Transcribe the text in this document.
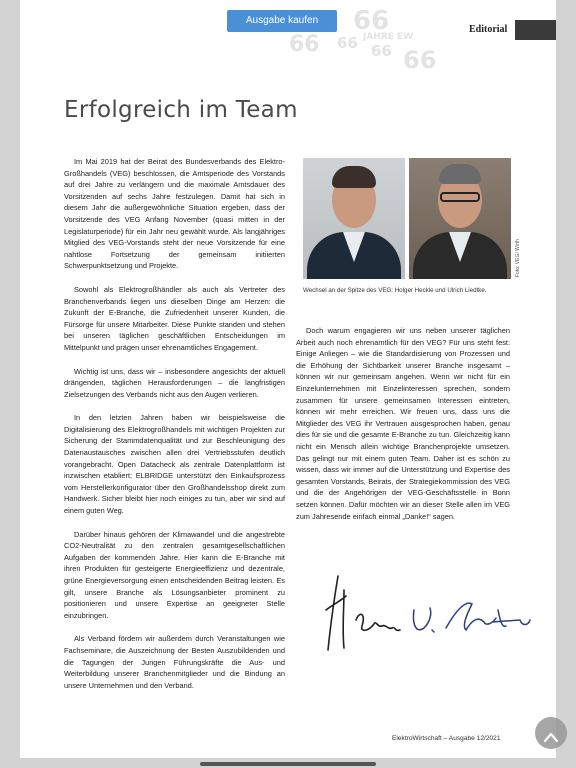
66
66 66 JAHRE EW
66 66
Editorial
Erfolgreich im Team

Im Mai 2019 hat der Beirat des Bundesverbands des Elektro-Großhandels (VEG) beschlossen, die Amtsperiode des Vorstands auf drei Jahre zu verlängern und die maximale Amtsdauer des Vorsitzenden auf sechs Jahre festzulegen. Damit hat sich in diesem Jahr die außergewöhnliche Situation ergeben, dass der Vorsitzende des VEG Anfang November (quasi mitten in der Legislaturperiode) für ein Jahr neu gewählt wurde. Als langjähriges Mitglied des VEG-Vorstands steht der neue Vorsitzende für eine nahtlose Fortsetzung der gemeinsam initiierten Schwerpunktsetzung und Projekte.

Sowohl als Elektrogroßhändler als auch als Vertreter des Branchenverbands liegen uns dieselben Dinge am Herzen: die Zukunft der E-Branche, die Zufriedenheit unserer Kunden, die Fürsorge für unsere Mitarbeiter. Diese Punkte standen und stehen bei unseren täglichen geschäftlichen Entscheidungen im Mittelpunkt und prägen unser ehrenamtliches Engagement.

Wichtig ist uns, dass wir – insbesondere angesichts der aktuell drängenden, täglichen Herausforderungen – die langfristigen Zielsetzungen des Verbands nicht aus den Augen verlieren.

In den letzten Jahren haben wir beispielsweise die Digitalisierung des Elektrogroßhandels mit wichtigen Projekten zur Sicherung der Stammdatenqualität und zur Beschleunigung des Datenaustausches zwischen allen drei Vertriebsstufen deutlich vorangebracht. Open Datacheck als zentrale Datenplattform ist inzwischen etabliert; ELBRIDGE unterstützt den Einkaufsprozess vom Herstellerkonfigurator über den Großhandelsshop direkt zum Handwerk. Sicher bleibt hier noch einiges zu tun, aber wir sind auf einem guten Weg.

Darüber hinaus gehören der Klimawandel und die angestrebte CO2-Neutralität zu den zentralen gesamtgesellschaftlichen Aufgaben der kommenden Jahre. Hier kann die E-Branche mit ihren Produkten für gesteigerte Energieeffizienz und dezentrale, grüne Energieversorgung einen entscheidenden Beitrag leisten. Es gilt, unsere Branche als Lösungsanbieter prominent zu positionieren und unsere Expertise an geeigneter Stelle einzubringen.

Als Verband fördern wir außerdem durch Veranstaltungen wie Fachseminare, die Auszeichnung der Besten Auszubildenden und die Tagungen der Jungen Führungskräfte die Aus- und Weiterbildung unserer Branchenmitglieder und die Bindung an unsere Unternehmen und den Verband.

Foto: VEG/ Wirth
Wechsel an der Spitze des VEG: Holger Heckle und Ulrich Liedtke.

Doch warum engagieren wir uns neben unserer täglichen Arbeit auch noch ehrenamtlich für den VEG? Für uns steht fest: Einige Anliegen – wie die Standardisierung von Prozessen und die Erhöhung der Sichtbarkeit unserer Branche insgesamt – können wir nur gemeinsam angehen. Wenn wir nicht für ein Einzelunternehmen mit Einzelinteressen sprechen, sondern zusammen für unsere gemeinsamen Interessen eintreten, können wir mehr erreichen. Wir freuen uns, dass uns die Mitglieder des VEG ihr Vertrauen ausgesprochen haben, genau dies für sie und die gesamte E-Branche zu tun. Gleichzeitig kann nicht ein Mensch allein wichtige Branchenprojekte umsetzen. Das gelingt nur mit einem guten Team. Daher ist es schön zu wissen, dass wir immer auf die Unterstützung und Expertise des gesamten Vorstands, Beirats, der Strategiekommission des VEG und die der Angehörigen der VEG-Geschäftsstelle in Bonn setzen können. Dafür möchten wir an dieser Stelle allen im VEG zum Jahresende einfach einmal „Danke!“ sagen.

ElektroWirtschaft – Ausgabe 12/2021
Ausgabe kaufen
